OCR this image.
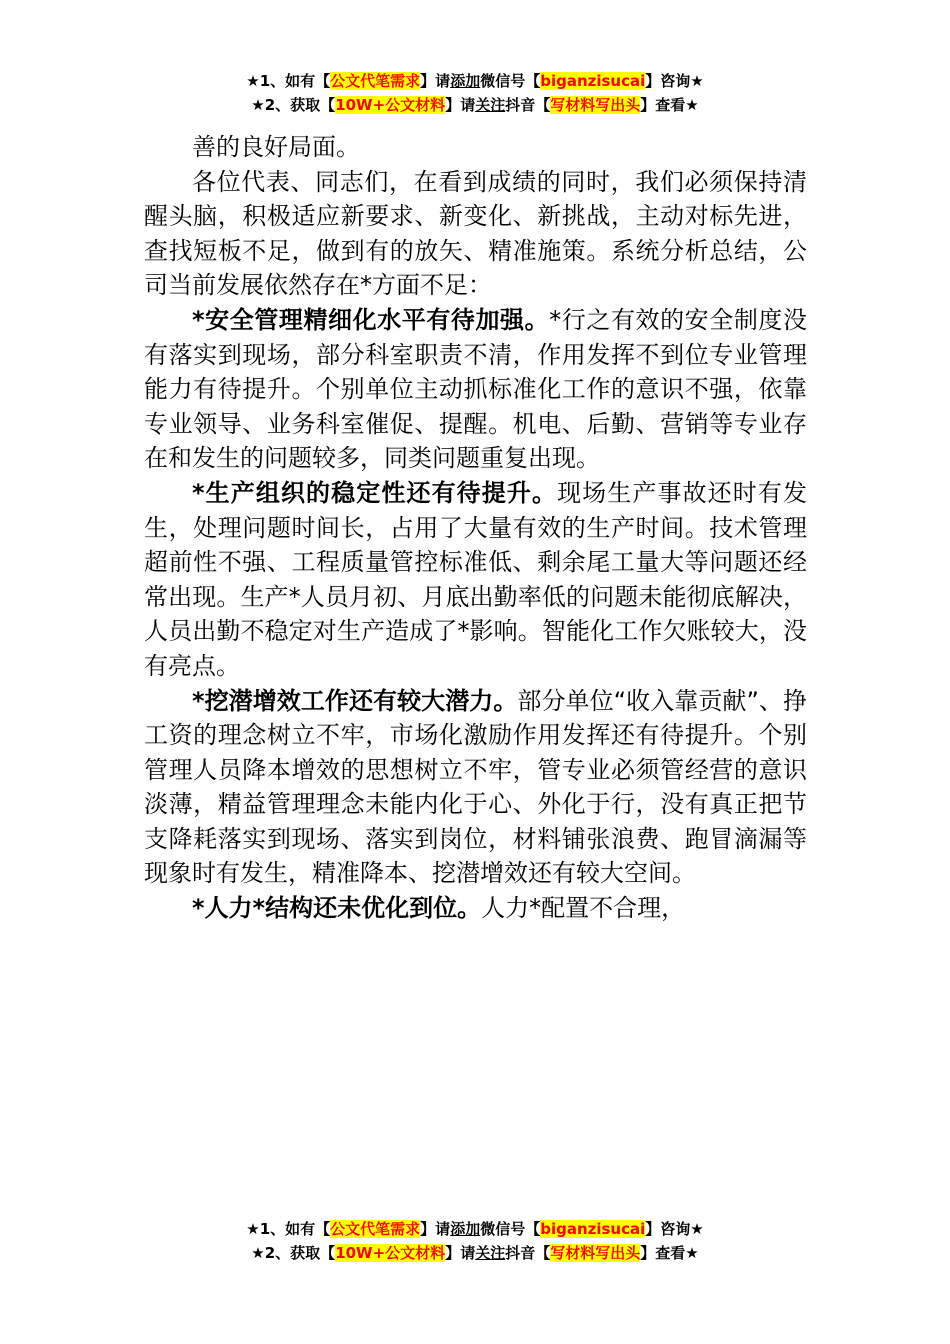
★1、如有【公文代笔需求】请添加微信号【biganzisucai】咨询★
★2、获取【10W+公文材料】请关注抖音【写材料写出头】查看★

善的良好局面。

各位代表、同志们，在看到成绩的同时，我们必须保持清醒头脑，积极适应新要求、新变化、新挑战，主动对标先进，查找短板不足，做到有的放矢、精准施策。系统分析总结，公司当前发展依然存在*方面不足：

*安全管理精细化水平有待加强。*行之有效的安全制度没有落实到现场，部分科室职责不清，作用发挥不到位专业管理能力有待提升。个别单位主动抓标准化工作的意识不强，依靠专业领导、业务科室催促、提醒。机电、后勤、营销等专业存在和发生的问题较多，同类问题重复出现。

*生产组织的稳定性还有待提升。现场生产事故还时有发生，处理问题时间长，占用了大量有效的生产时间。技术管理超前性不强、工程质量管控标准低、剩余尾工量大等问题还经常出现。生产*人员月初、月底出勤率低的问题未能彻底解决，人员出勤不稳定对生产造成了*影响。智能化工作欠账较大，没有亮点。

*挖潜增效工作还有较大潜力。部分单位“收入靠贡献”、挣工资的理念树立不牢，市场化激励作用发挥还有待提升。个别管理人员降本增效的思想树立不牢，管专业必须管经营的意识淡薄，精益管理理念未能内化于心、外化于行，没有真正把节支降耗落实到现场、落实到岗位，材料铺张浪费、跑冒滴漏等现象时有发生，精准降本、挖潜增效还有较大空间。

*人力*结构还未优化到位。人力*配置不合理，

★1、如有【公文代笔需求】请添加微信号【biganzisucai】咨询★
★2、获取【10W+公文材料】请关注抖音【写材料写出头】查看★
